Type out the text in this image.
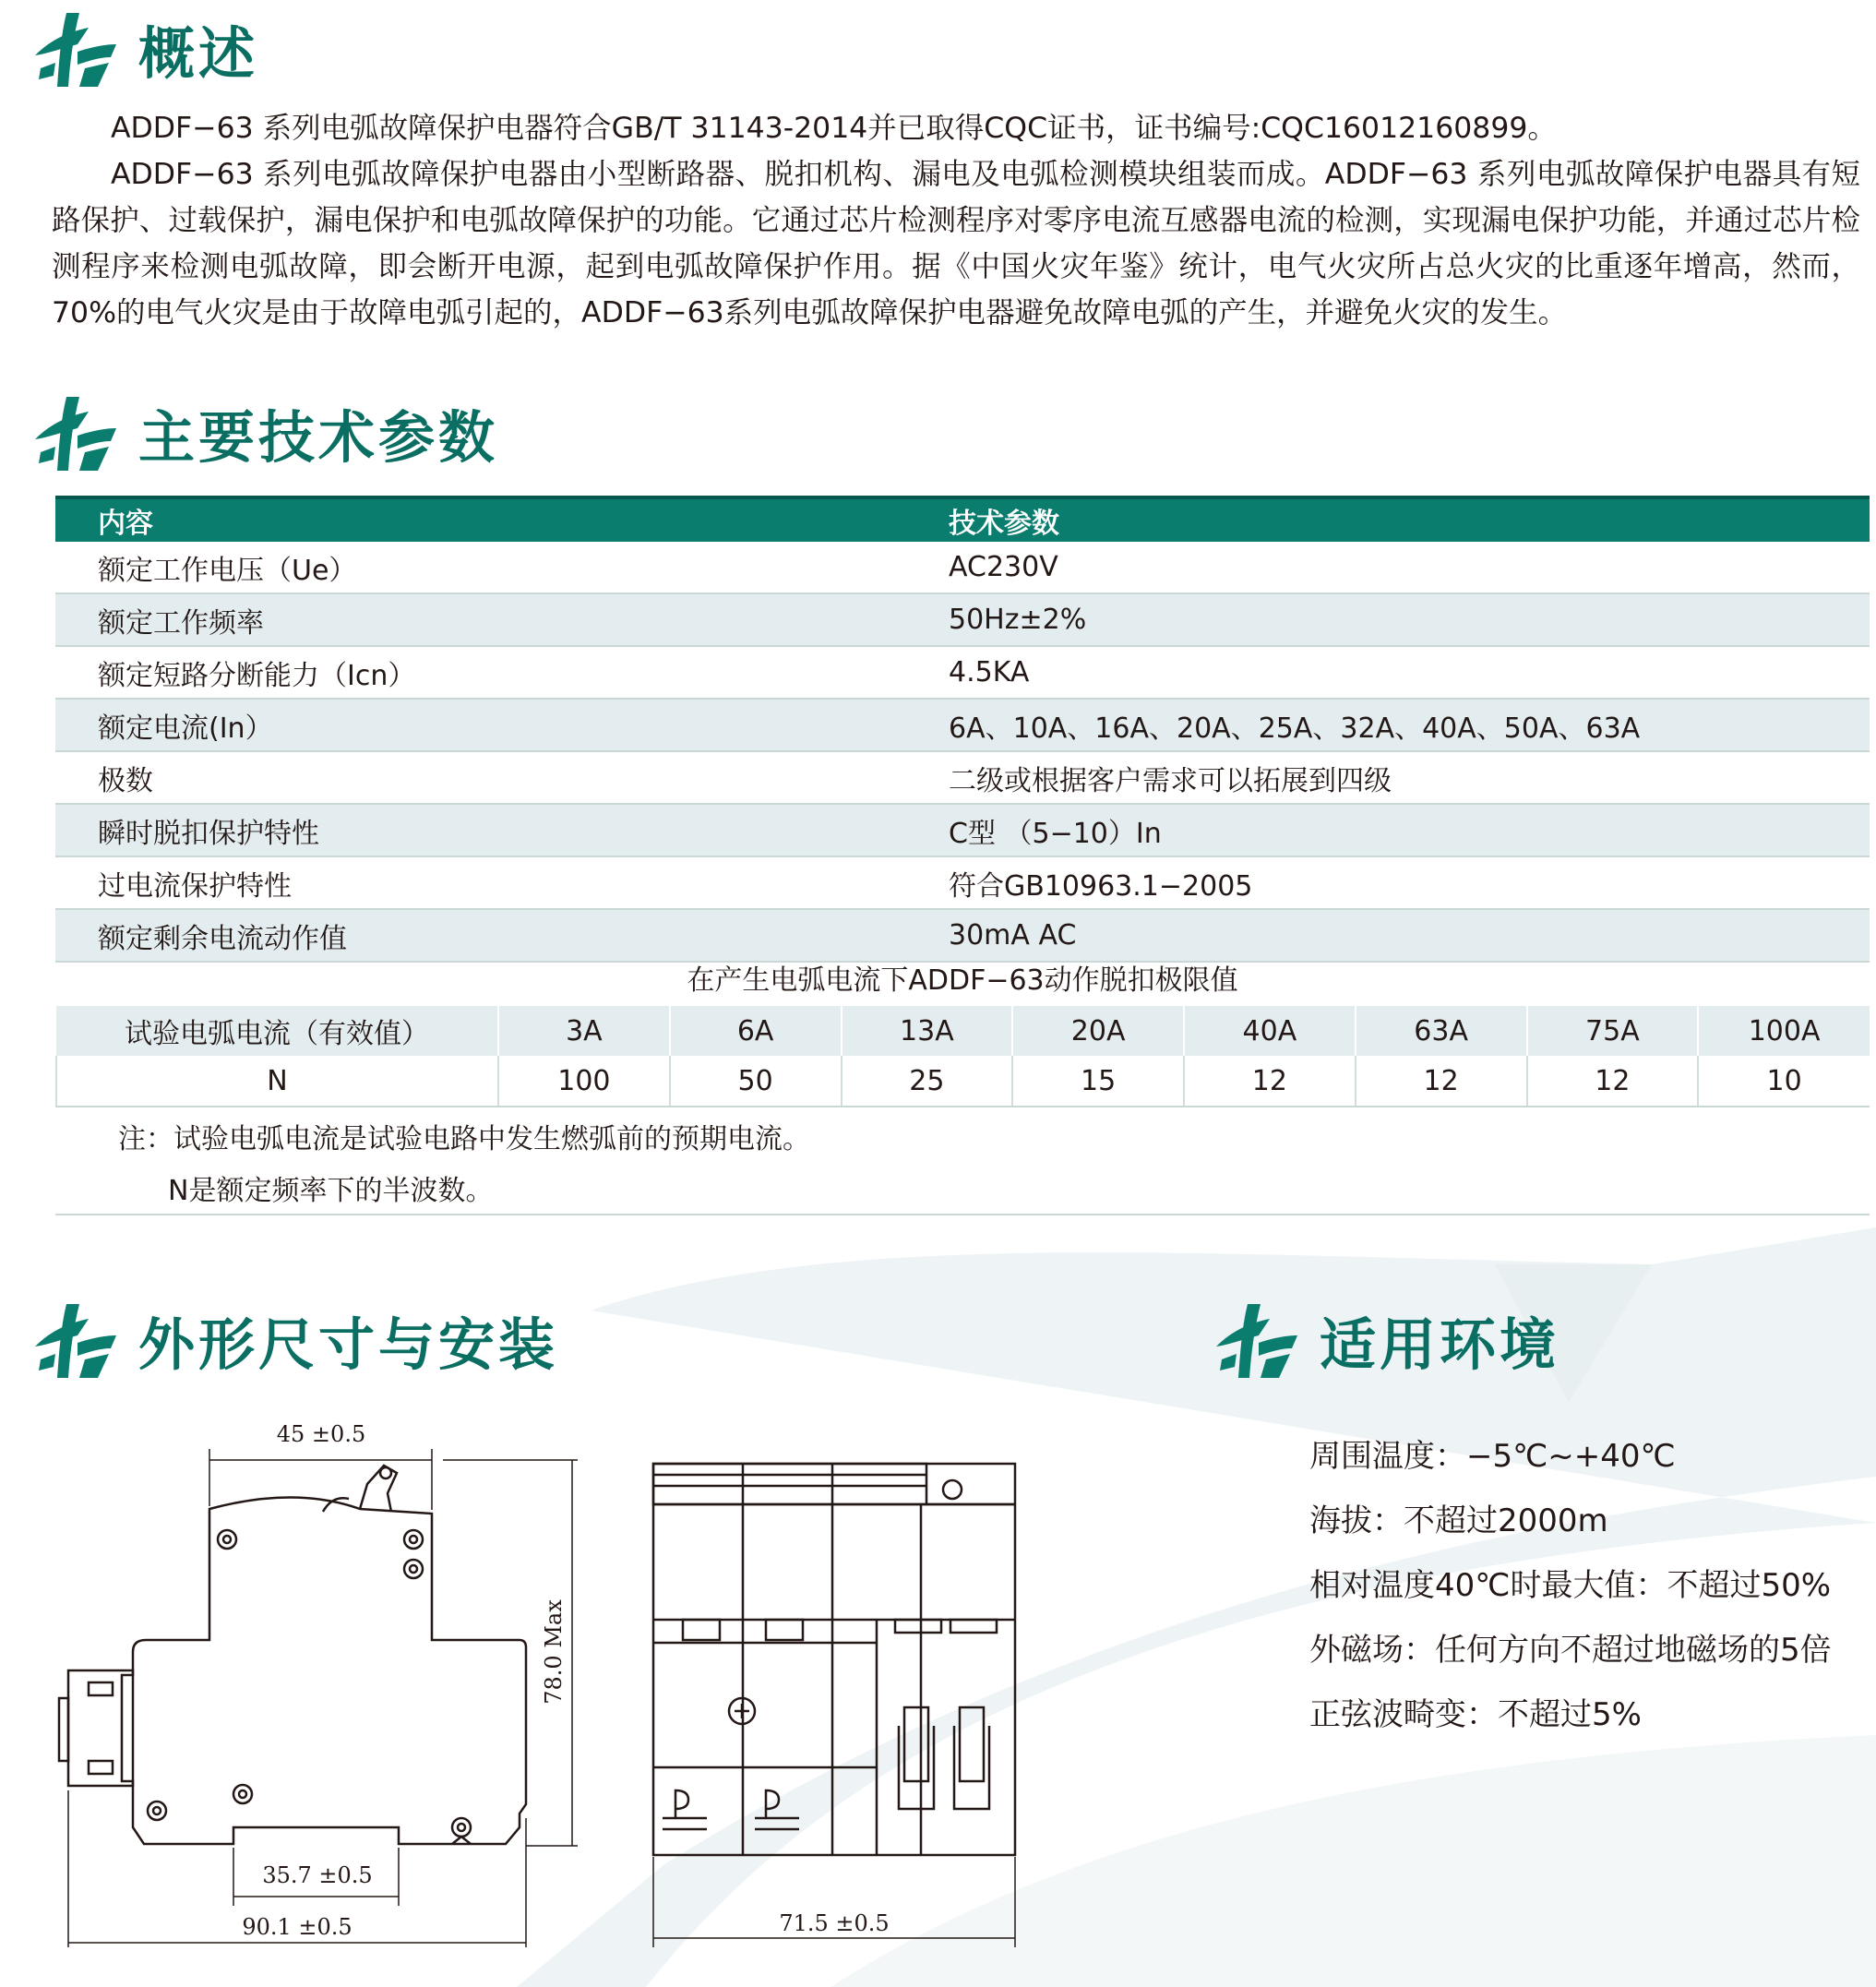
概述

ADDF−63 系列电弧故障保护电器符合GB/T 31143-2014并已取得CQC证书，证书编号:CQC16012160899。

ADDF−63 系列电弧故障保护电器由小型断路器、脱扣机构、漏电及电弧检测模块组装而成。ADDF−63 系列电弧故障保护电器具有短路保护、过载保护，漏电保护和电弧故障保护的功能。它通过芯片检测程序对零序电流互感器电流的检测，实现漏电保护功能，并通过芯片检测程序来检测电弧故障，即会断开电源，起到电弧故障保护作用。据《中国火灾年鉴》统计，电气火灾所占总火灾的比重逐年增高，然而，70%的电气火灾是由于故障电弧引起的，ADDF−63系列电弧故障保护电器避免故障电弧的产生，并避免火灾的发生。

主要技术参数
内容	技术参数
额定工作电压（Ue）	AC230V
额定工作频率	50Hz±2%
额定短路分断能力（Icn）	4.5KA
额定电流(In）	6A、10A、16A、20A、25A、32A、40A、50A、63A
极数	二级或根据客户需求可以拓展到四级
瞬时脱扣保护特性	C型 （5−10）In
过电流保护特性	符合GB10963.1−2005
额定剩余电流动作值	30mA AC
在产生电弧电流下ADDF−63动作脱扣极限值
试验电弧电流（有效值）	3A	6A	13A	20A	40A	63A	75A	100A
N	100	50	25	15	12	12	12	10
注：试验电弧电流是试验电路中发生燃弧前的预期电流。
N是额定频率下的半波数。
外形尺寸与安装
45 ±0.5
78.0 Max
35.7 ±0.5
90.1 ±0.5	71.5 ±0.5
适用环境
周围温度：−5℃~+40℃
海拔：不超过2000m
相对温度40℃时最大值：不超过50%
外磁场：任何方向不超过地磁场的5倍
正弦波畸变：不超过5%
